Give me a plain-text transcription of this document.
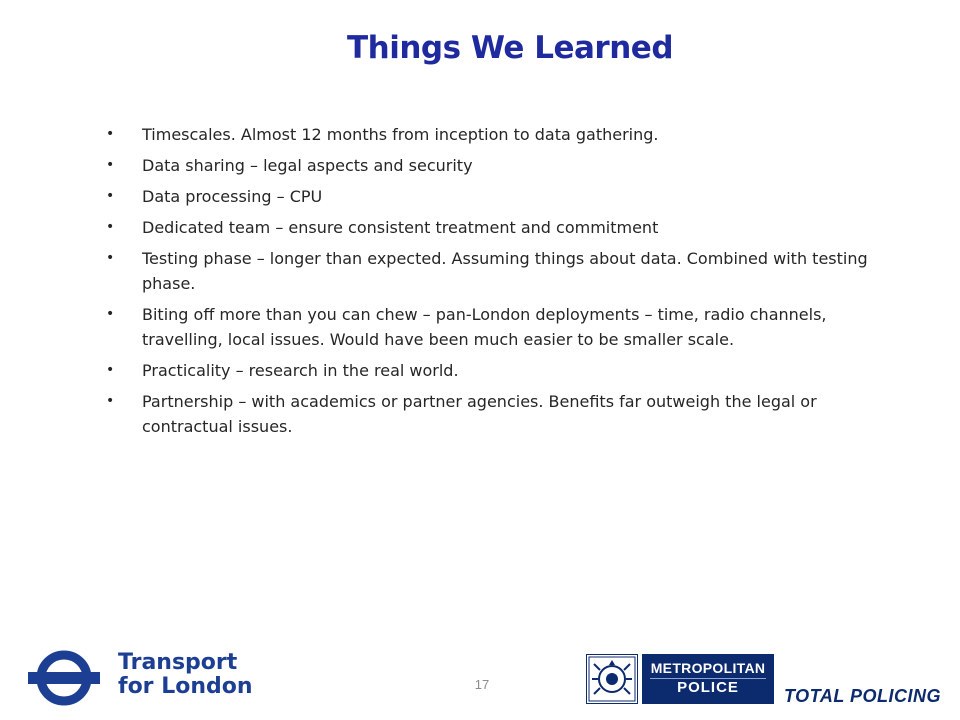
Things We Learned
• Timescales. Almost 12 months from inception to data gathering.
• Data sharing – legal aspects and security
• Data processing – CPU
• Dedicated team – ensure consistent treatment and commitment
• Testing phase – longer than expected. Assuming things about data. Combined with testing phase.
• Biting off more than you can chew – pan-London deployments – time, radio channels, travelling, local issues. Would have been much easier to be smaller scale.
• Practicality – research in the real world.
• Partnership – with academics or partner agencies. Benefits far outweigh the legal or contractual issues.
17
Transport
for London
METROPOLITAN
POLICE	TOTAL POLICING
